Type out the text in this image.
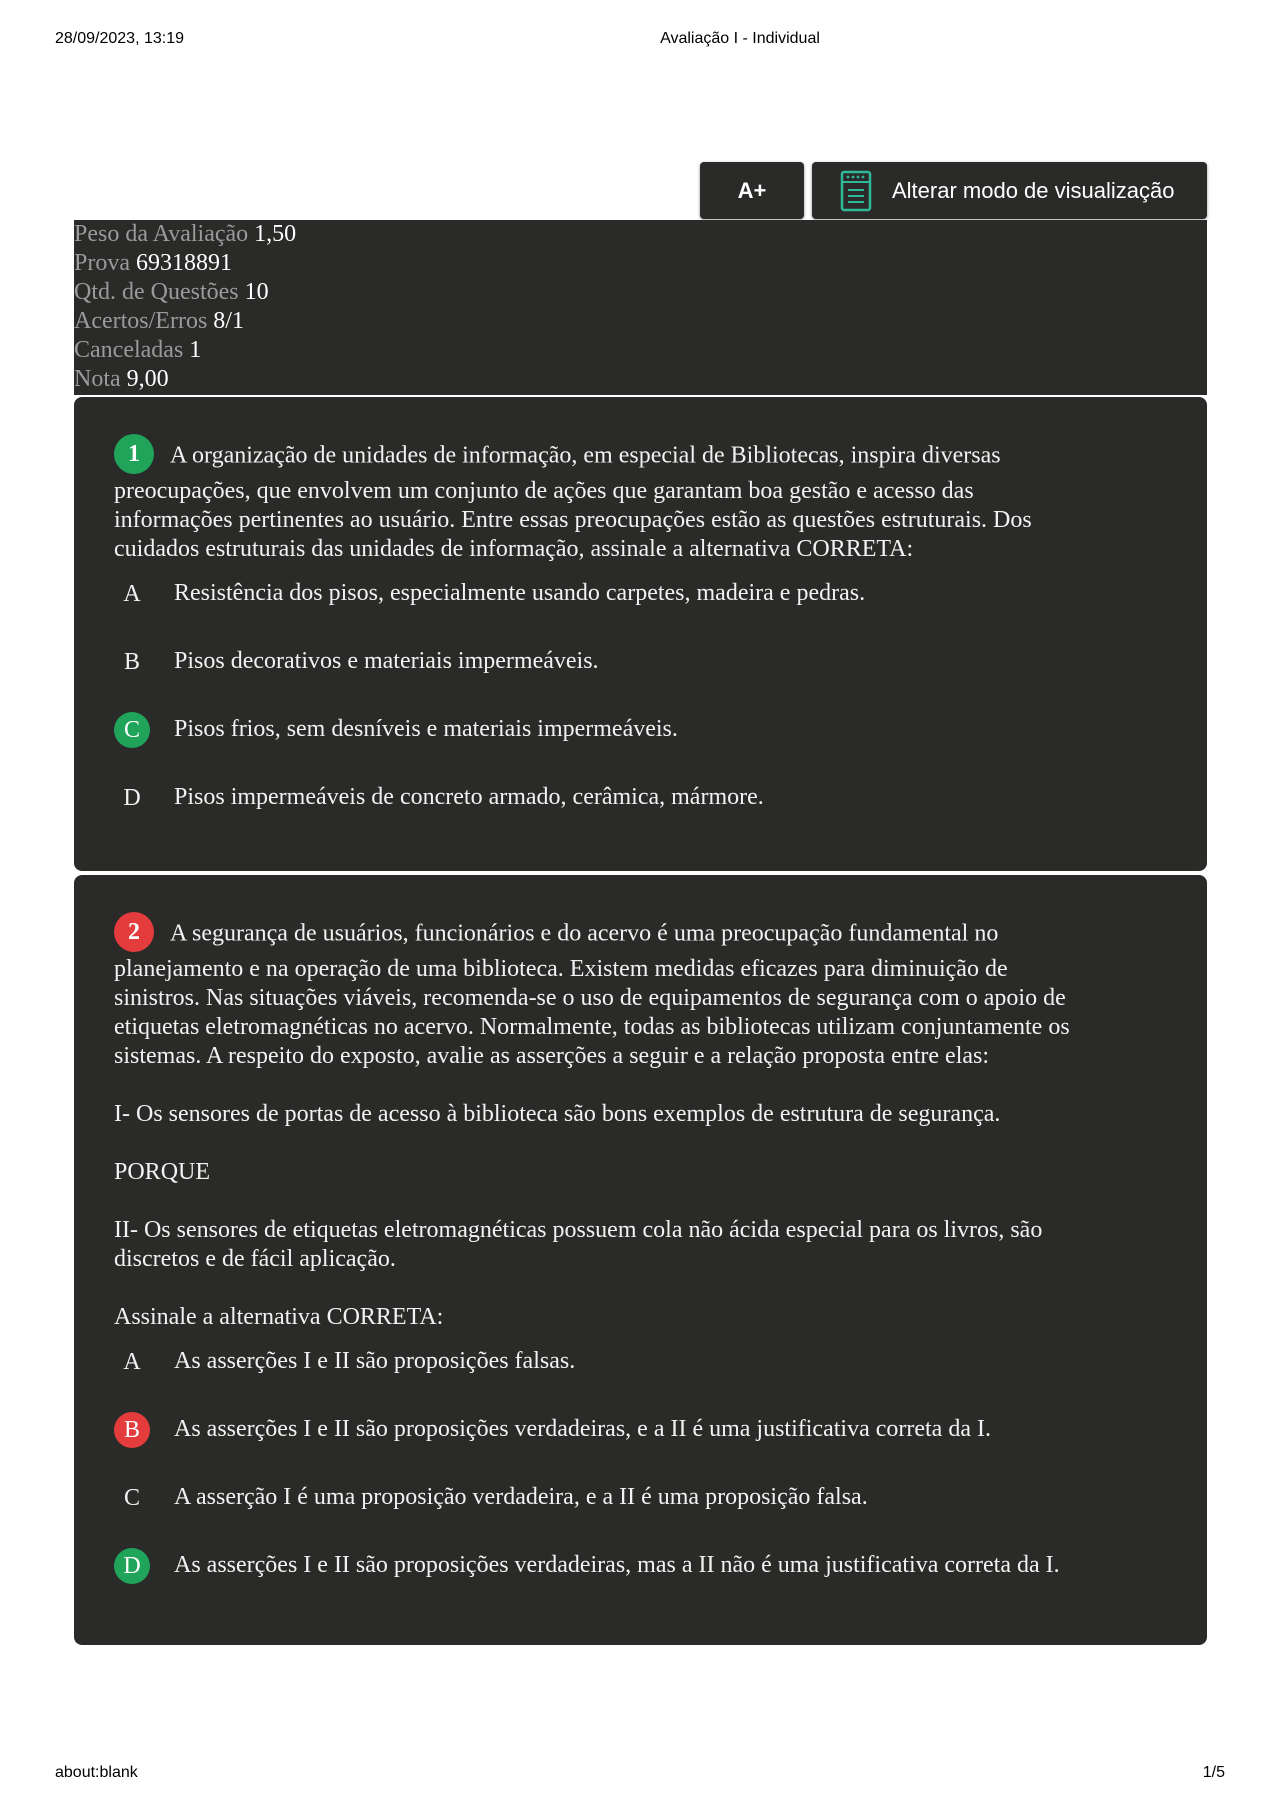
28/09/2023, 13:19	Avaliação I - Individual
A+	Alterar modo de visualização
Peso da Avaliação 1,50
Prova 69318891
Qtd. de Questões 10
Acertos/Erros 8/1
Canceladas 1
Nota 9,00

1 A organização de unidades de informação, em especial de Bibliotecas, inspira diversas

preocupações, que envolvem um conjunto de ações que garantam boa gestão e acesso das

informações pertinentes ao usuário. Entre essas preocupações estão as questões estruturais. Dos

cuidados estruturais das unidades de informação, assinale a alternativa CORRETA:

A	Resistência dos pisos, especialmente usando carpetes, madeira e pedras.
B	Pisos decorativos e materiais impermeáveis.
C	Pisos frios, sem desníveis e materiais impermeáveis.
D	Pisos impermeáveis de concreto armado, cerâmica, mármore.

2 A segurança de usuários, funcionários e do acervo é uma preocupação fundamental no

planejamento e na operação de uma biblioteca. Existem medidas eficazes para diminuição de

sinistros. Nas situações viáveis, recomenda-se o uso de equipamentos de segurança com o apoio de

etiquetas eletromagnéticas no acervo. Normalmente, todas as bibliotecas utilizam conjuntamente os

sistemas. A respeito do exposto, avalie as asserções a seguir e a relação proposta entre elas:

I- Os sensores de portas de acesso à biblioteca são bons exemplos de estrutura de segurança.

PORQUE

II- Os sensores de etiquetas eletromagnéticas possuem cola não ácida especial para os livros, são

discretos e de fácil aplicação.

Assinale a alternativa CORRETA:

A	As asserções I e II são proposições falsas.
B	As asserções I e II são proposições verdadeiras, e a II é uma justificativa correta da I.
C	A asserção I é uma proposição verdadeira, e a II é uma proposição falsa.
D	As asserções I e II são proposições verdadeiras, mas a II não é uma justificativa correta da I.
about:blank	1/5
